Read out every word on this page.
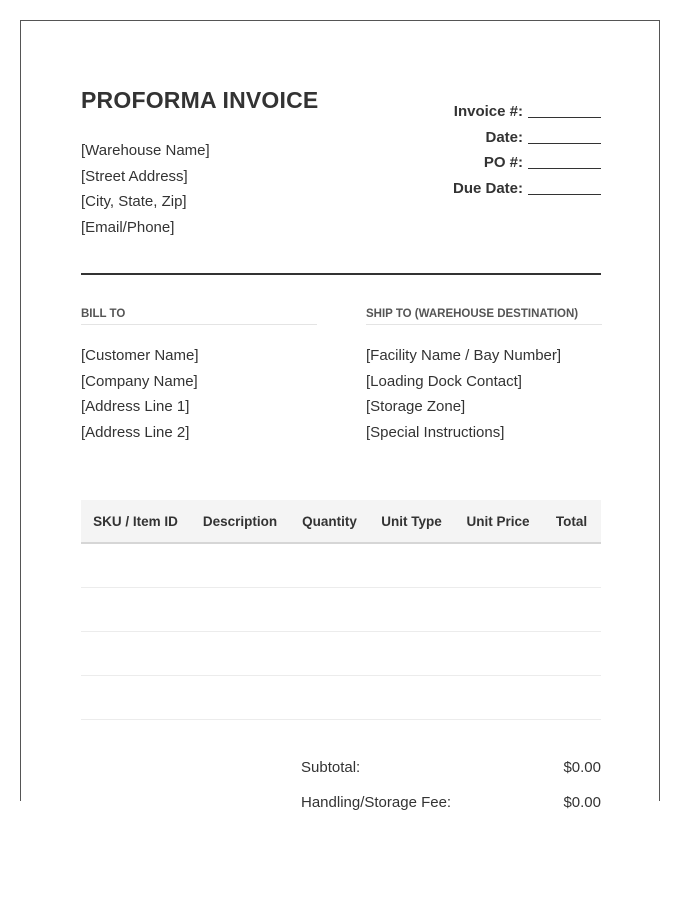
PROFORMA INVOICE
[Warehouse Name]
[Street Address]
[City, State, Zip]
[Email/Phone]
Invoice #:
Date:
PO #:
Due Date:
BILL TO
[Customer Name]
[Company Name]
[Address Line 1]
[Address Line 2]
SHIP TO (WAREHOUSE DESTINATION)
[Facility Name / Bay Number]
[Loading Dock Contact]
[Storage Zone]
[Special Instructions]
SKU / Item ID	Description	Quantity	Unit Type	Unit Price	Total

Subtotal:	$0.00
Handling/Storage Fee:	$0.00
